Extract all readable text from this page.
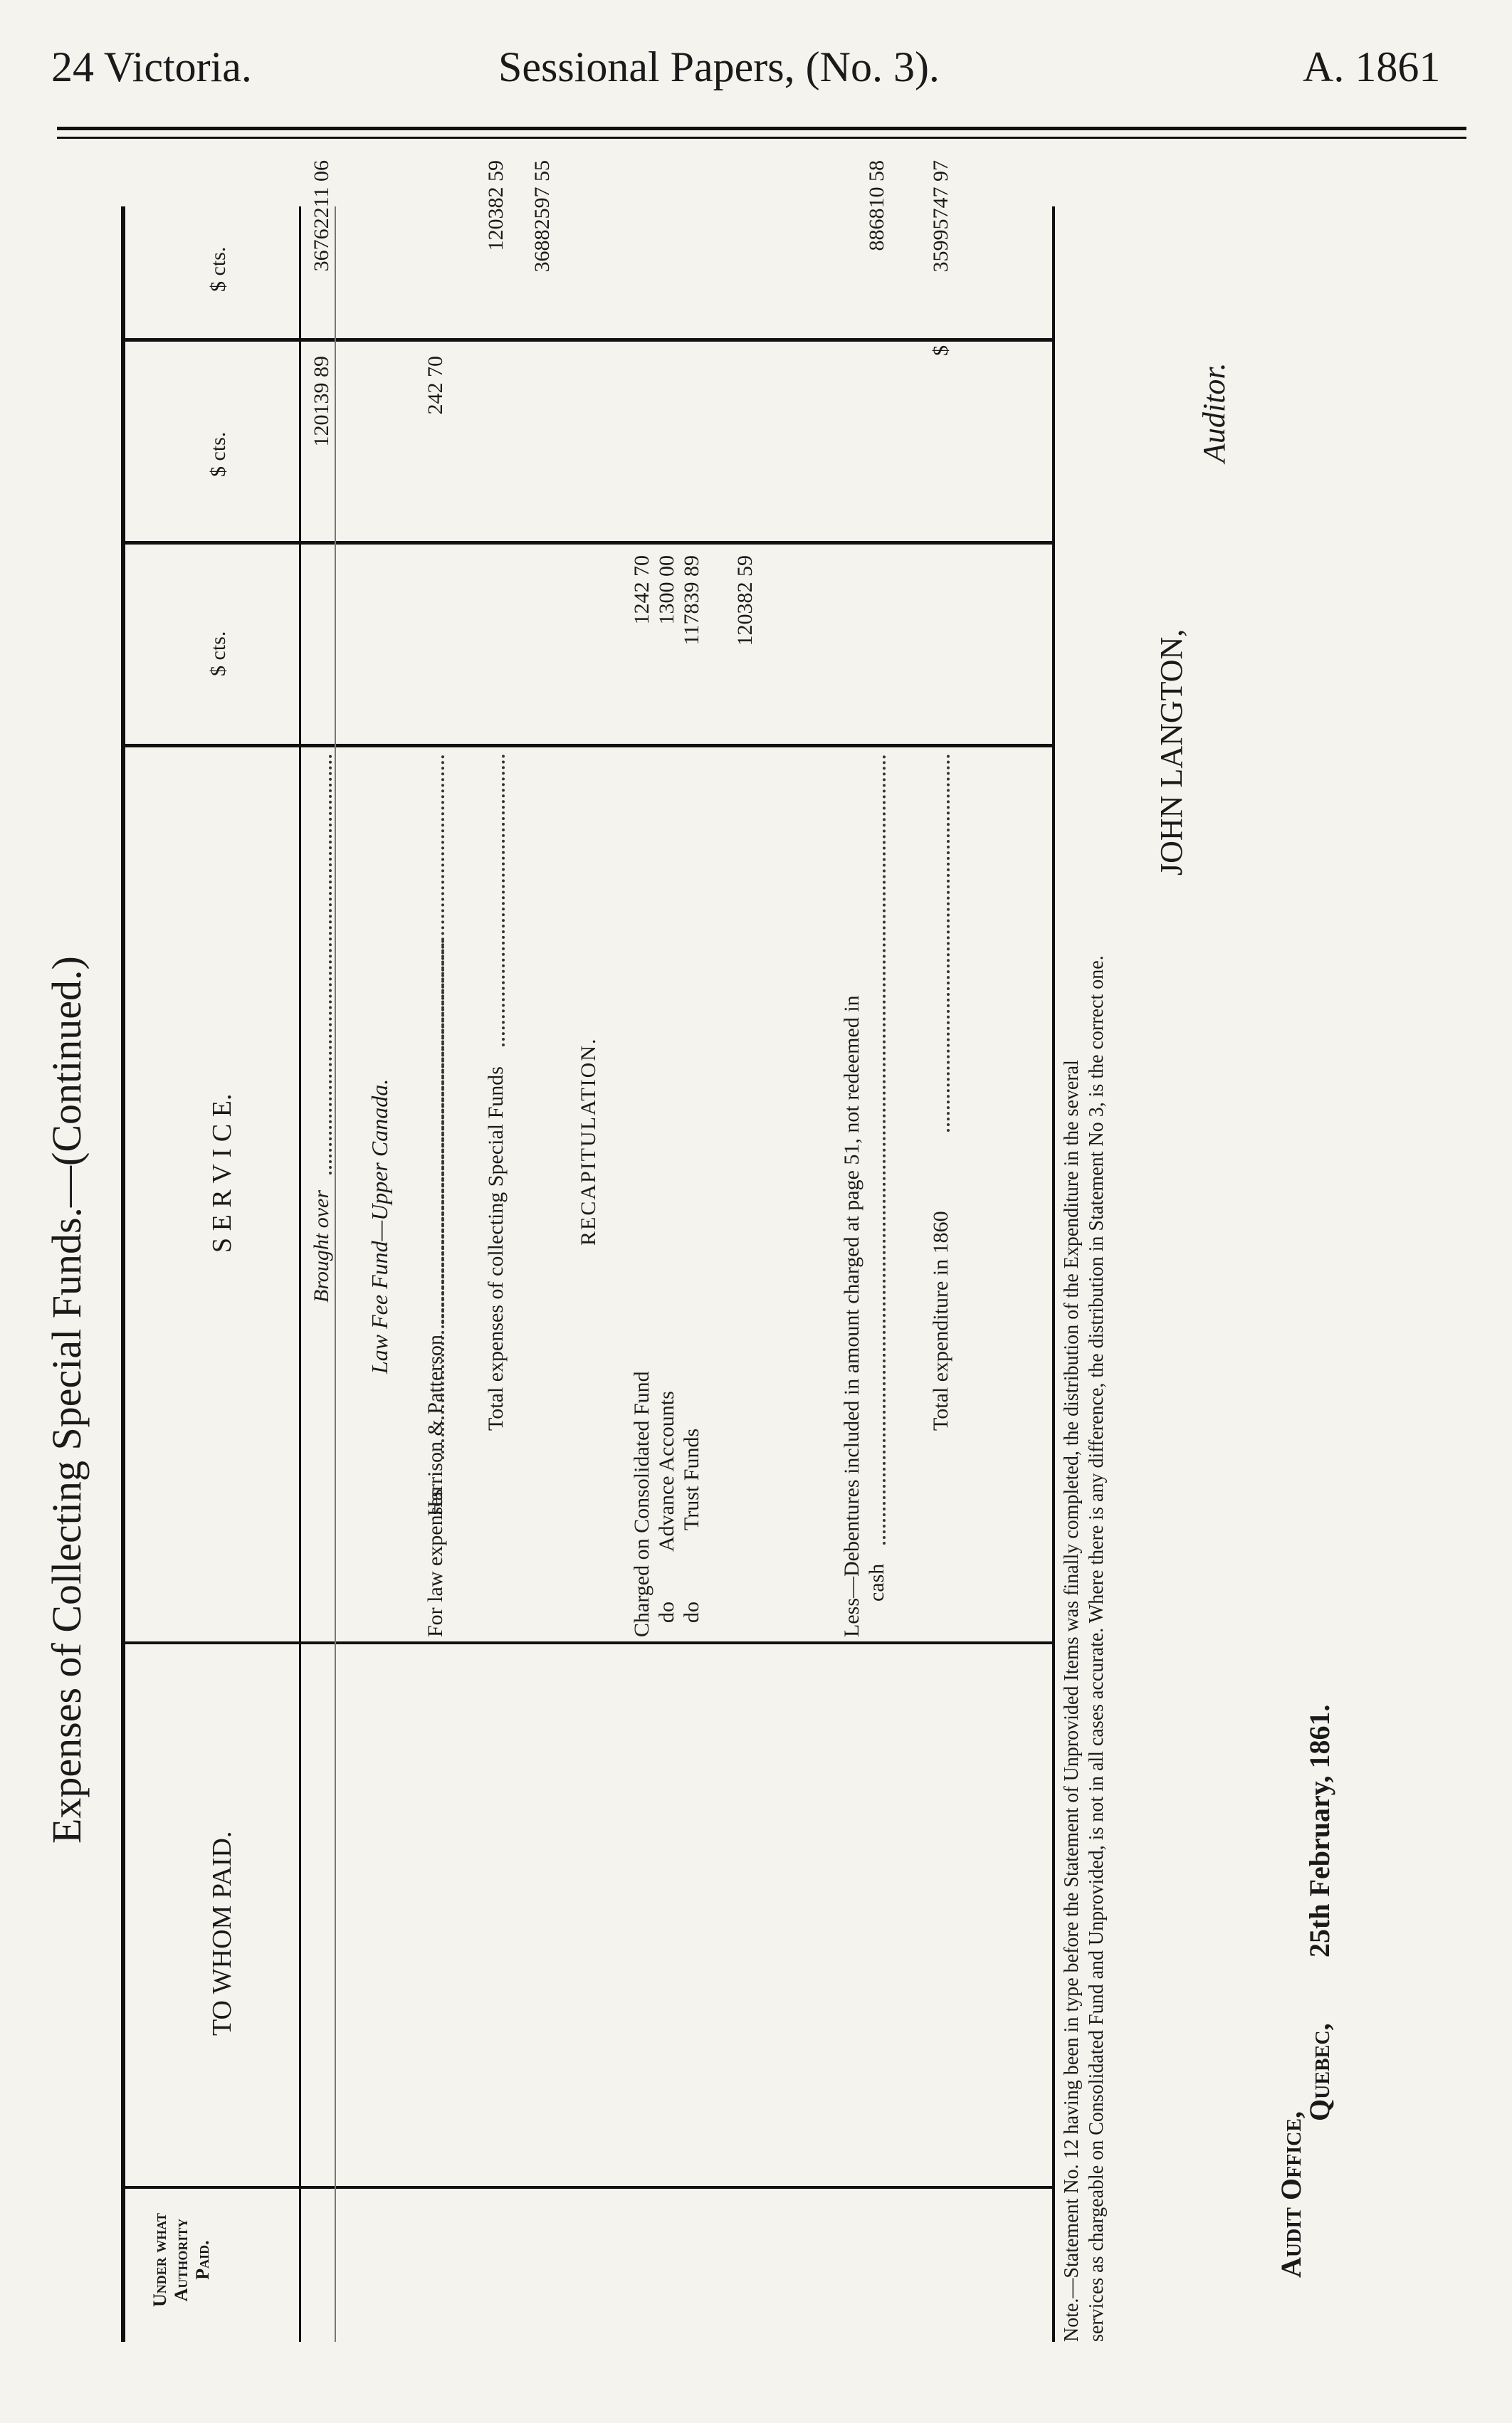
24 Victoria.	Sessional Papers, (No. 3).	A. 1861
Expenses of Collecting Special Funds.—(Continued.)
Under what Authority Paid.
TO WHOM PAID.
S E R V I C E.
$ cts.
$ cts.
$ cts.
Brought over
120139 89
36762211 06
Law Fee Fund—Upper Canada.
Harrison & Patterson
For law expenses
242 70
Total expenses of collecting Special Funds
120382 59 36882597 55
RECAPITULATION.
Charged on Consolidated Fund
1242 70
do
Advance Accounts
1300 00
do
Trust Funds
117839 89 120382 59
Less—Debentures included in amount charged at page 51, not redeemed in cash
886810 58
Total expenditure in 1860
$
35995747 97
Note.—Statement No. 12 having been in type before the Statement of Unprovided Items was finally completed, the distribution of the Expenditure in the several services as chargeable on Consolidated Fund and Unprovided, is not in all cases accurate. Where there is any difference, the distribution in Statement No 3, is the correct one.
JOHN LANGTON,
Auditor.
Audit Office,
Quebec,
25th February, 1861.
